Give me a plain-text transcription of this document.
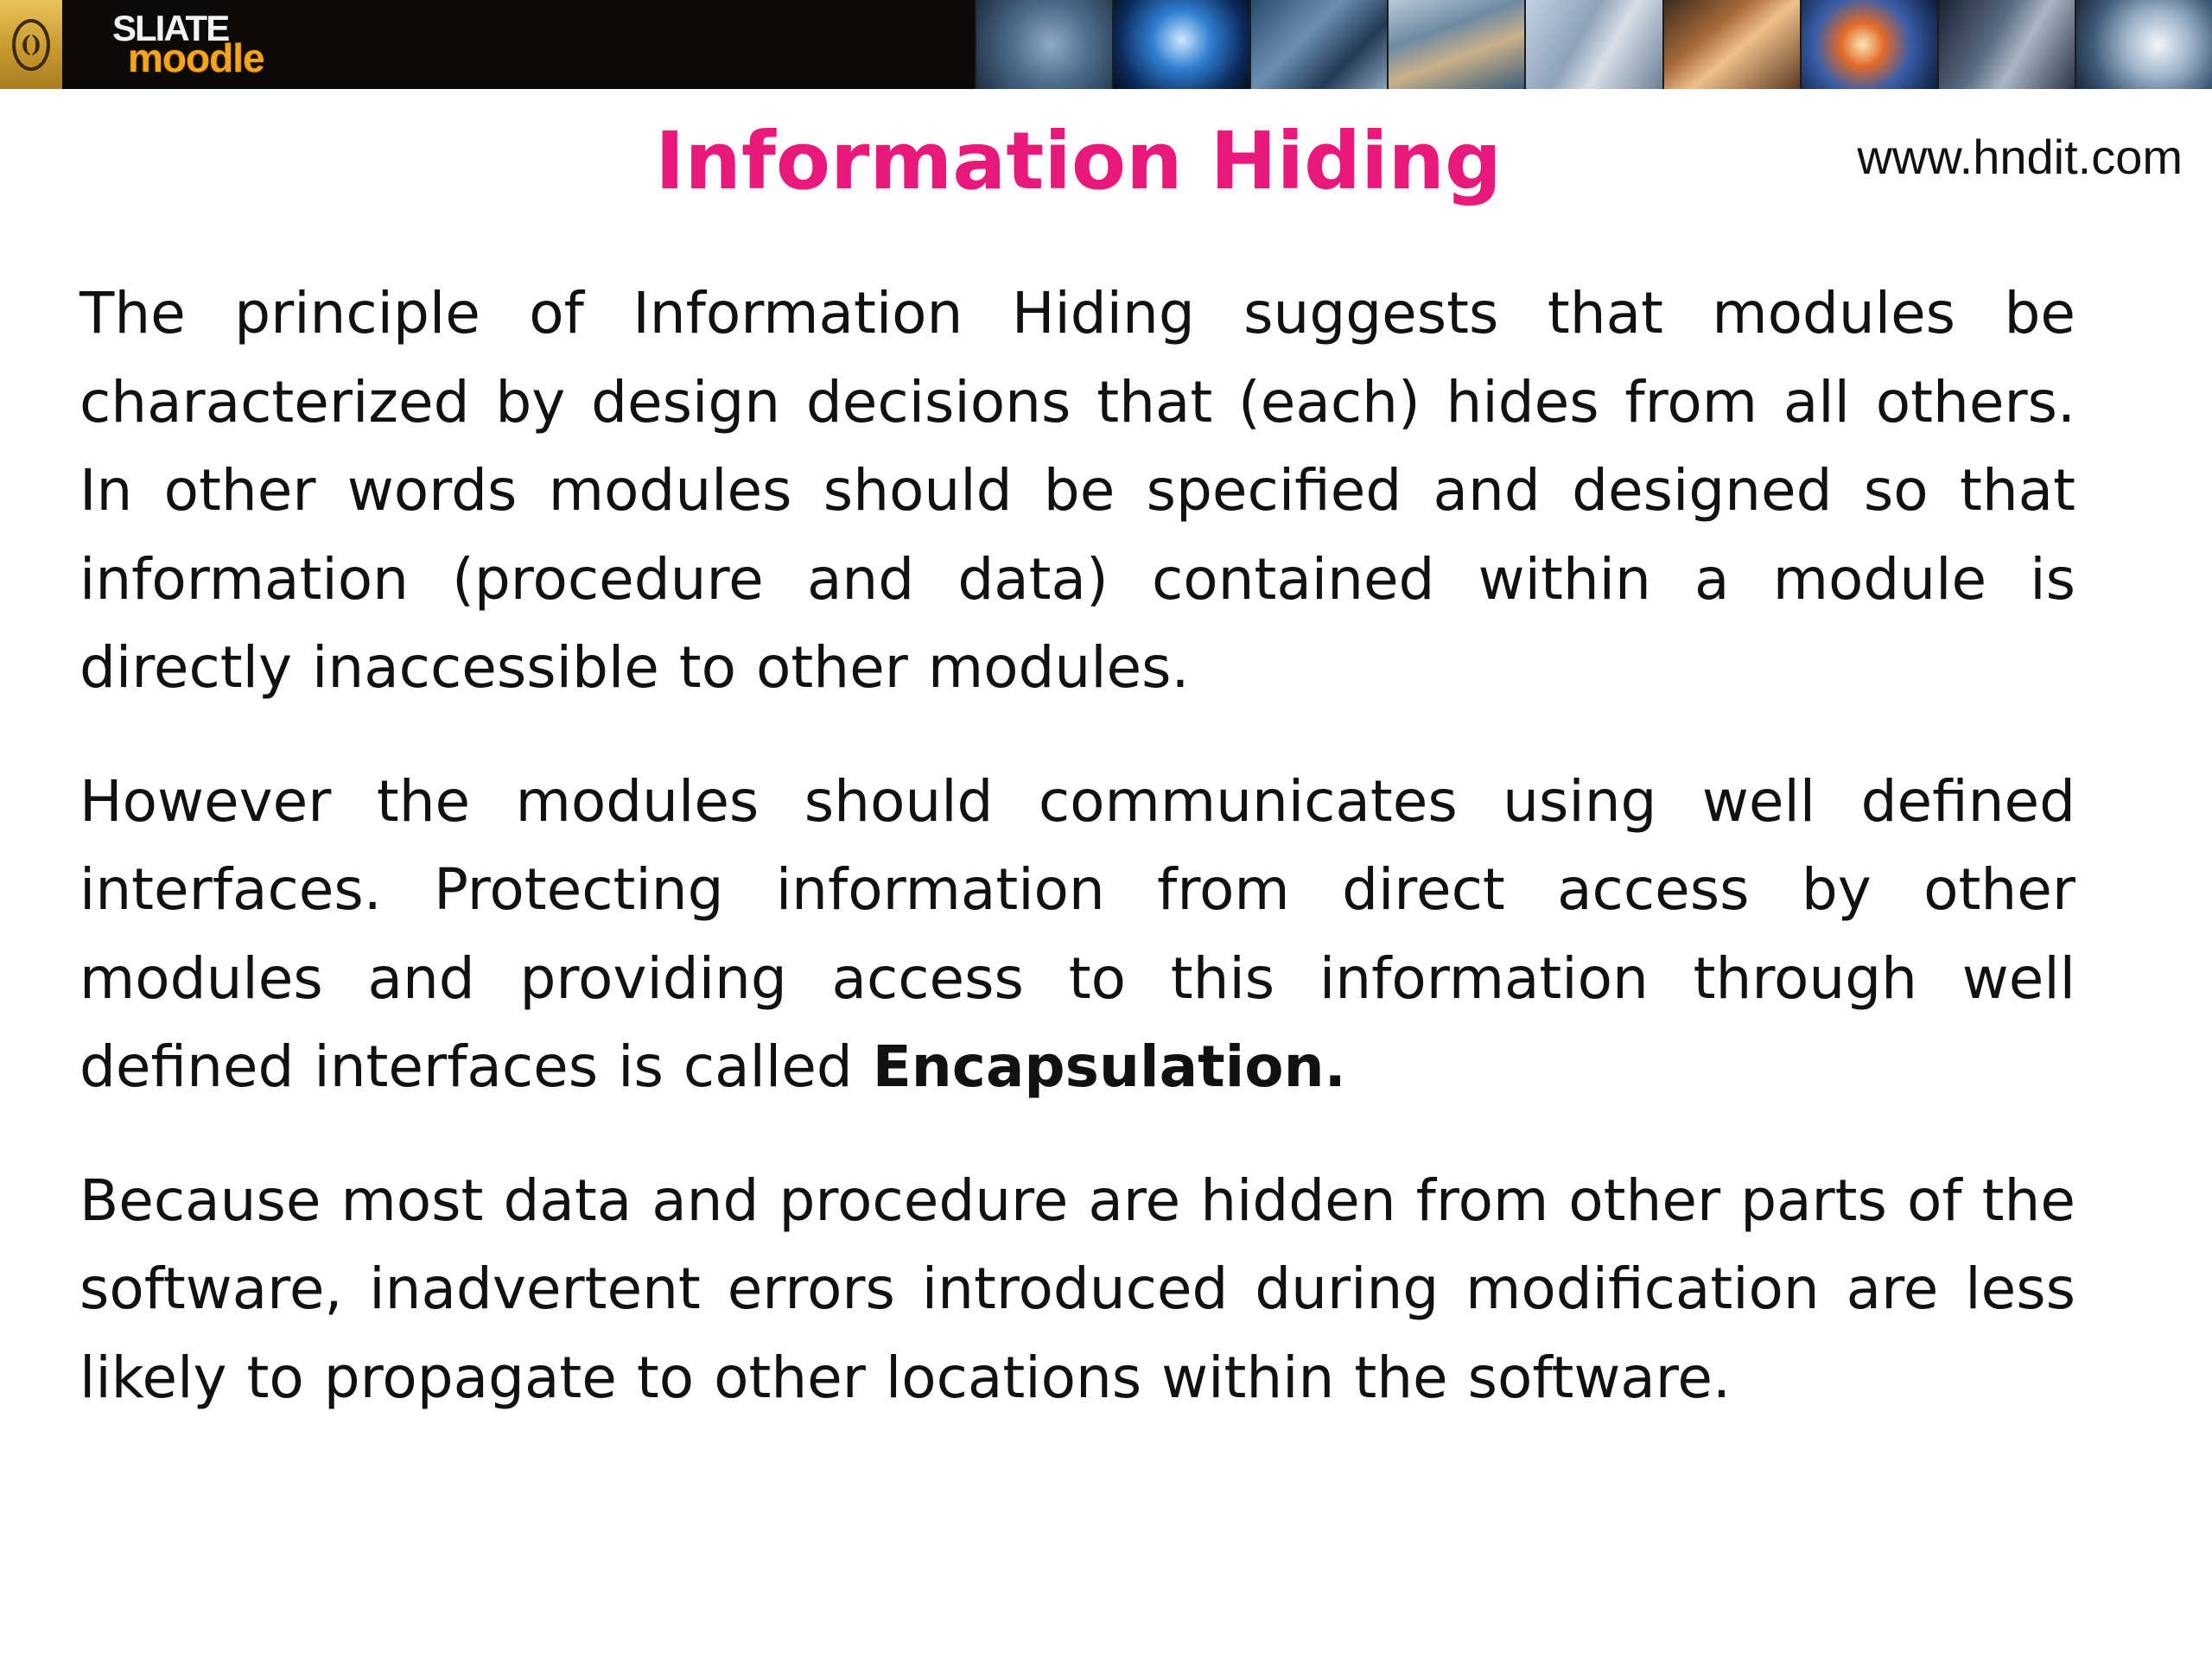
() SLIATE
moodle
Information Hiding	www.hndit.com

The principle of Information Hiding suggests that modules be characterized by design decisions that (each) hides from all others. In other words modules should be specified and designed so that information (procedure and data) contained within a module is directly inaccessible to other modules.

However the modules should communicates using well defined interfaces. Protecting information from direct access by other modules and providing access to this information through well defined interfaces is called Encapsulation.

Because most data and procedure are hidden from other parts of the software, inadvertent errors introduced during modification are less likely to propagate to other locations within the software.
